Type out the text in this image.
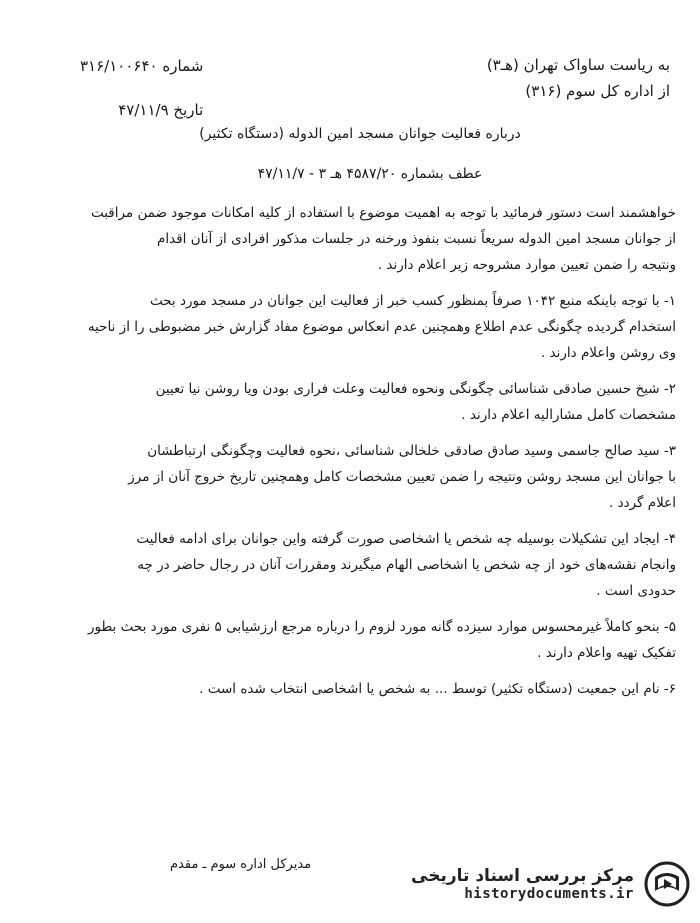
به ریاست ساواک تهران (هـ۳)
از اداره کل سوم (۳۱۶)
شماره ۳۱۶/۱۰۰۶۴۰
تاریخ ۴۷/۱۱/۹
درباره فعالیت جوانان مسجد امین الدوله (دستگاه تکثیر)
عطف بشماره ۴۵۸۷/۲۰ هـ ۳ - ۴۷/۱۱/۷
خواهشمند است دستور فرمائید با توجه به اهمیت موضوع با استفاده از کلیه امکانات موجود ضمن مراقبت
از جوانان مسجد امین الدوله سریعاً نسبت بنفوذ ورخنه در جلسات مذکور افرادی از آنان اقدام
ونتیجه را ضمن تعیین موارد مشروحه زیر اعلام دارند .
۱- با توجه باینکه منبع ۱۰۴۲ صرفاً بمنظور کسب خبر از فعالیت این جوانان در مسجد مورد بحث
استخدام گردیده چگونگی عدم اطلاع وهمچنین عدم انعکاس موضوع مفاد گزارش خبر مضبوطی را از ناحیه
وی روشن واعلام دارند .
۲- شیخ حسین صادقی شناسائی چگونگی ونحوه فعالیت وعلت فراری بودن ویا روشن نیا تعیین
مشخصات کامل مشارالیه اعلام دارند .
۳- سید صالح جاسمی وسید صادق صادقی خلخالی شناسائی ،نحوه فعالیت وچگونگی ارتباطشان
با جوانان این مسجد روشن ونتیجه را ضمن تعیین مشخصات کامل وهمچنین تاریخ خروج آنان از مرز
اعلام گردد .
۴- ایجاد این تشکیلات بوسیله چه شخص یا اشخاصی صورت گرفته واین جوانان برای ادامه فعالیت
وانجام نقشه‌های خود از چه شخص یا اشخاصی الهام میگیرند ومقررات آنان در رجال حاضر در چه
حدودی است .
۵- بنحو کاملاً غیرمحسوس موارد سیزده گانه مورد لزوم را درباره مرجع ارزشیابی ۵ نفری مورد بحث بطور
تفکیک تهیه واعلام دارند .
۶- نام این جمعیت (دستگاه تکثیر) توسط ... به شخص یا اشخاصی انتخاب شده است .
مدیرکل اداره سوم ـ مقدم
مرکز بررسی اسناد تاریخی
historydocuments.ir
